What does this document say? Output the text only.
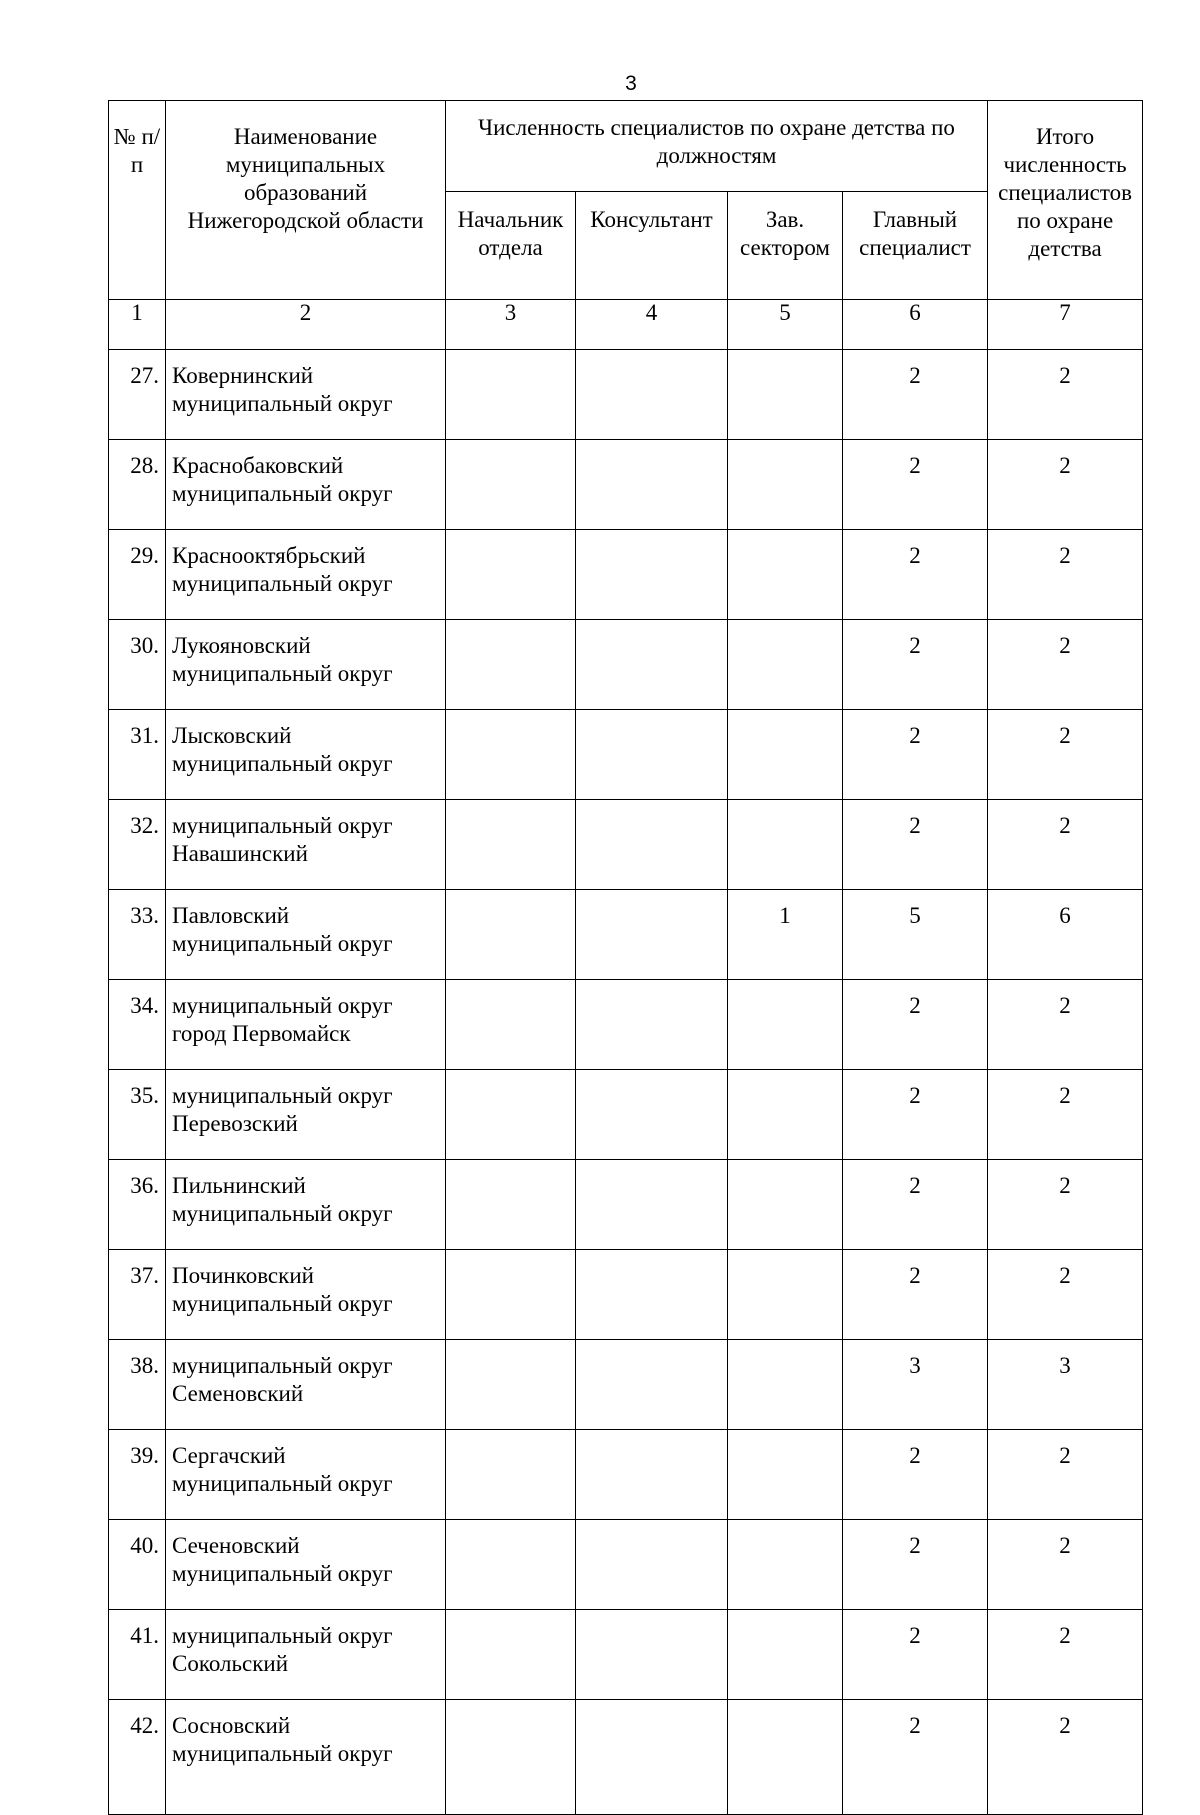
3
№ п/п	Наименование муниципальных образований Нижегородской области	Численность специалистов по охране детства по должностям				Итого численность специалистов по охране детства
		Начальник отдела	Консультант	Зав. сектором	Главный специалист	
1	2	3	4	5	6	7
27.	Ковернинский муниципальный округ				2	2
28.	Краснобаковский муниципальный округ				2	2
29.	Краснооктябрьский муниципальный округ				2	2
30.	Лукояновский муниципальный округ				2	2
31.	Лысковский муниципальный округ				2	2
32.	муниципальный округ Навашинский				2	2
33.	Павловский муниципальный округ			1	5	6
34.	муниципальный округ город Первомайск				2	2
35.	муниципальный округ Перевозский				2	2
36.	Пильнинский муниципальный округ				2	2
37.	Починковский муниципальный округ				2	2
38.	муниципальный округ Семеновский				3	3
39.	Сергачский муниципальный округ				2	2
40.	Сеченовский муниципальный округ				2	2
41.	муниципальный округ Сокольский				2	2
42.	Сосновский муниципальный округ				2	2
